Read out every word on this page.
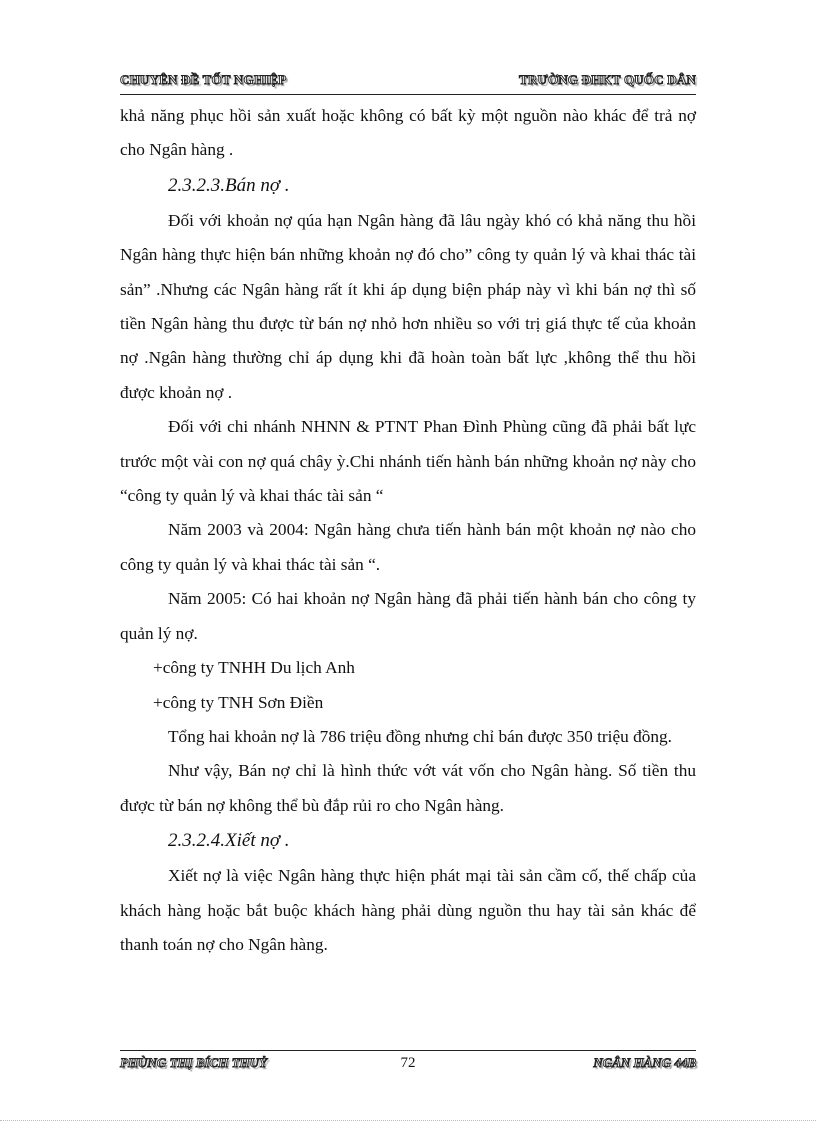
CHUYÊN ĐỀ TỐT NGHIỆP	TRƯỜNG ĐHKT QUỐC DÂN

khả năng phục hồi sản xuất hoặc không có bất kỳ một nguồn nào khác để trả nợ cho Ngân hàng .

2.3.2.3.Bán nợ .

Đối với khoản nợ qúa hạn Ngân hàng đã lâu ngày khó có khả năng thu hồi Ngân hàng thực hiện bán những khoản nợ đó cho” công ty quản lý và khai thác tài sản” .Nhưng các Ngân hàng rất ít khi áp dụng biện pháp này vì khi bán nợ thì số tiền Ngân hàng thu được từ bán nợ nhỏ hơn nhiều so với trị giá thực tế của khoản nợ .Ngân hàng thường chỉ áp dụng khi đã hoàn toàn bất lực ,không thể thu hồi được khoản nợ .

Đối với chi nhánh NHNN & PTNT Phan Đình Phùng cũng đã phải bất lực trước một vài con nợ quá chây ỳ.Chi nhánh tiến hành bán những khoản nợ này cho “công ty quản lý và khai thác tài sản “

Năm 2003 và 2004: Ngân hàng chưa tiến hành bán một khoản nợ nào cho công ty quản lý và khai thác tài sản “.

Năm 2005: Có hai khoản nợ Ngân hàng đã phải tiến hành bán cho công ty quản lý nợ.

+công ty TNHH Du lịch Anh

+công ty TNH Sơn Điền

Tổng hai khoản nợ là 786 triệu đồng nhưng chỉ bán được 350 triệu đồng.

Như vậy, Bán nợ chỉ là hình thức vớt vát vốn cho Ngân hàng. Số tiền thu được từ bán nợ không thể bù đắp rủi ro cho Ngân hàng.

2.3.2.4.Xiết nợ .

Xiết nợ là việc Ngân hàng thực hiện phát mại tài sản cầm cố, thế chấp của khách hàng hoặc bắt buộc khách hàng phải dùng nguồn thu hay tài sản khác để thanh toán nợ cho Ngân hàng.

PHÙNG THỊ BÍCH THUỶ	72	NGÂN HÀNG 44B
